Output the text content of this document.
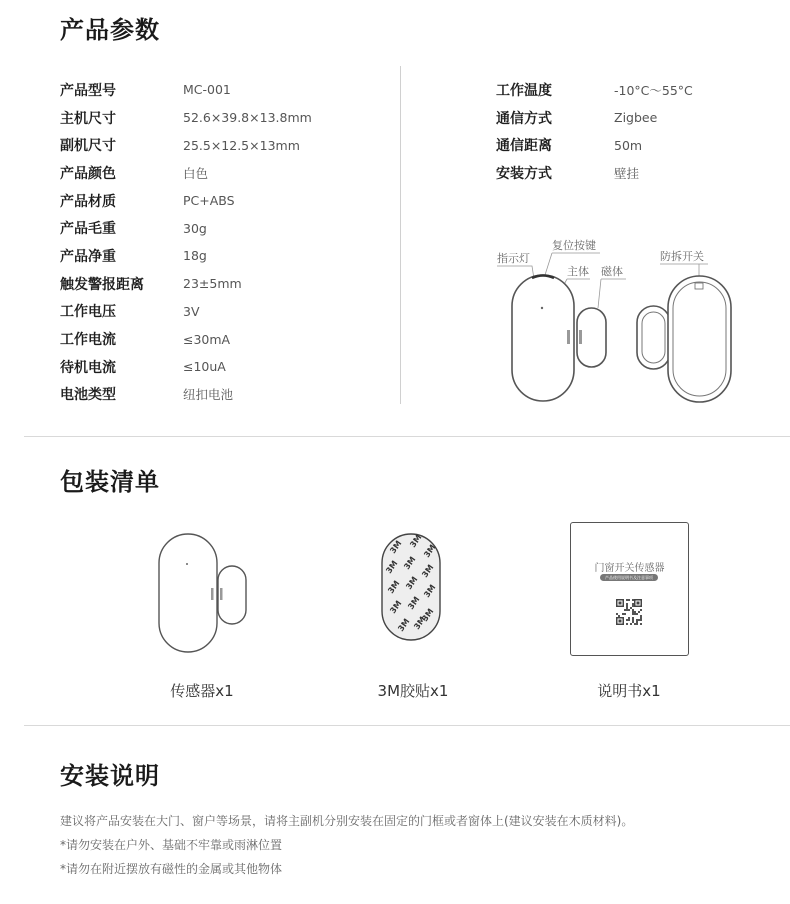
产品参数
产品型号	MC-001
主机尺寸	52.6×39.8×13.8mm
副机尺寸	25.5×12.5×13mm
产品颜色	白色
产品材质	PC+ABS
产品毛重	30g
产品净重	18g
触发警报距离	23±5mm
工作电压	3V
工作电流	≤30mA
待机电流	≤10uA
电池类型	纽扣电池
工作温度	-10°C～55°C
通信方式	Zigbee
通信距离	50m
安装方式	壁挂
复位按键
指示灯
主体 磁体
防拆开关
包装清单
传感器x1
3M 3M
3M
3M 3M 3M
3M 3M 3M
3M 3M
3M
3M 3M
3M胶贴x1
门窗开关传感器
产品使用说明书及注意事项
说明书x1
安装说明
建议将产品安装在大门、窗户等场景，请将主副机分别安装在固定的门框或者窗体上(建议安装在木质材料)。
*请勿安装在户外、基础不牢靠或雨淋位置
*请勿在附近摆放有磁性的金属或其他物体
